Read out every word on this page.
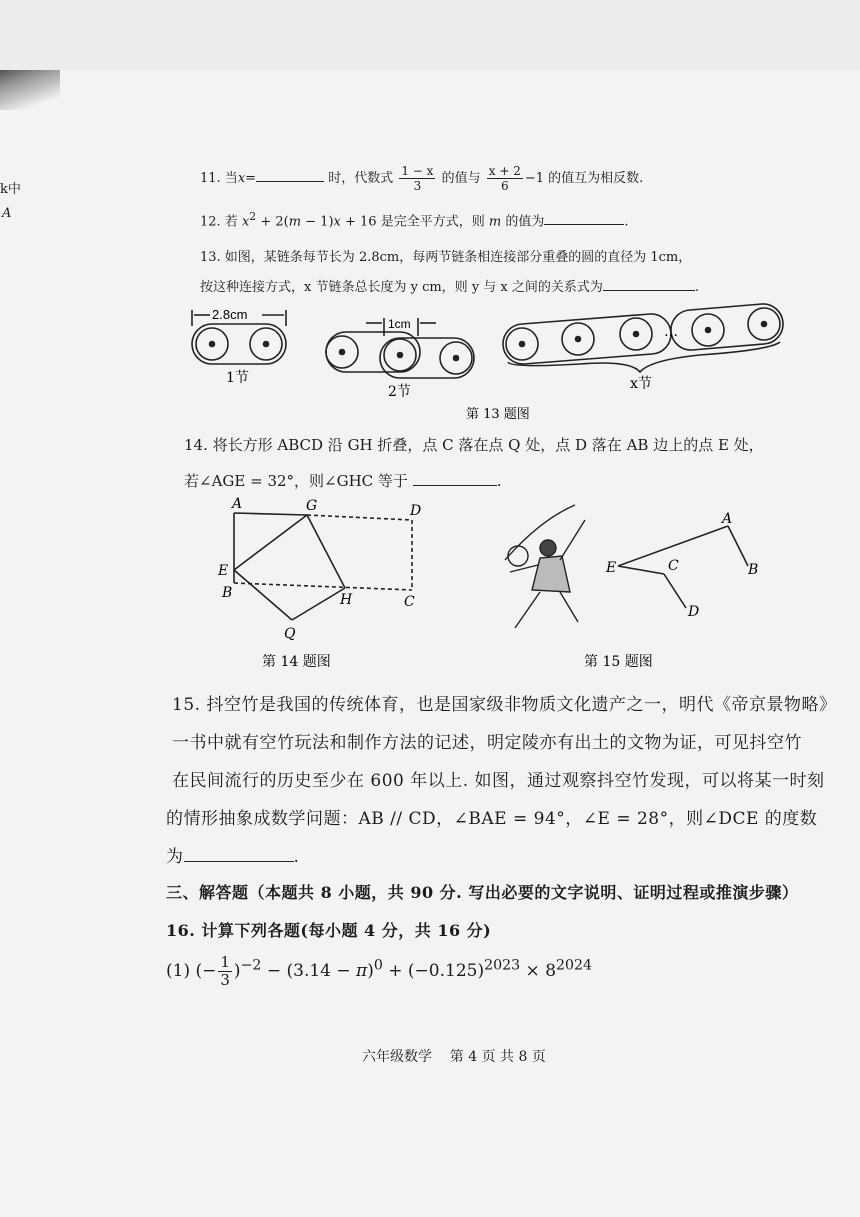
k中
A
11. 当x=	时，代数式 $\frac{1 - x}{3}$ 的值与 $\frac{x + 2}{6} -1$ 的值互为相反数.
12. 若 $x^2 + 2(m - 1)x + 16$ 是完全平方式，则 m 的值为	.
13. 如图，某链条每节长为 2.8cm，每两节链条相连接部分重叠的圆的直径为 1cm，
按这种连接方式，x 节链条总长度为 y cm，则 y 与 x 之间的关系式为	.
2.8cm
1cm	…
1节
2节	x节
第 13 题图
A	G	D
E
B	H	C
Q
第 14 题图
A
E	C	B
D
第 15 题图
14. 将长方形 ABCD 沿 GH 折叠，点 C 落在点 Q 处，点 D 落在 AB 边上的点 E 处，
若∠AGE = 32°，则∠GHC 等于	.
15. 抖空竹是我国的传统体育，也是国家级非物质文化遗产之一，明代《帝京景物略》
一书中就有空竹玩法和制作方法的记述，明定陵亦有出土的文物为证，可见抖空竹
在民间流行的历史至少在 600 年以上. 如图，通过观察抖空竹发现，可以将某一时刻
的情形抽象成数学问题：AB // CD，∠BAE = 94°，∠E = 28°，则∠DCE 的度数
为	.
三、解答题（本题共 8 小题，共 90 分. 写出必要的文字说明、证明过程或推演步骤）
16. 计算下列各题(每小题 4 分，共 16 分)
(1) (− $\frac{1}{3} )^{-2} - (3.14 - \pi)^0 + (-0.125)^{2023} \times 8^{2024}$
六年级数学    第 4 页 共 8 页
